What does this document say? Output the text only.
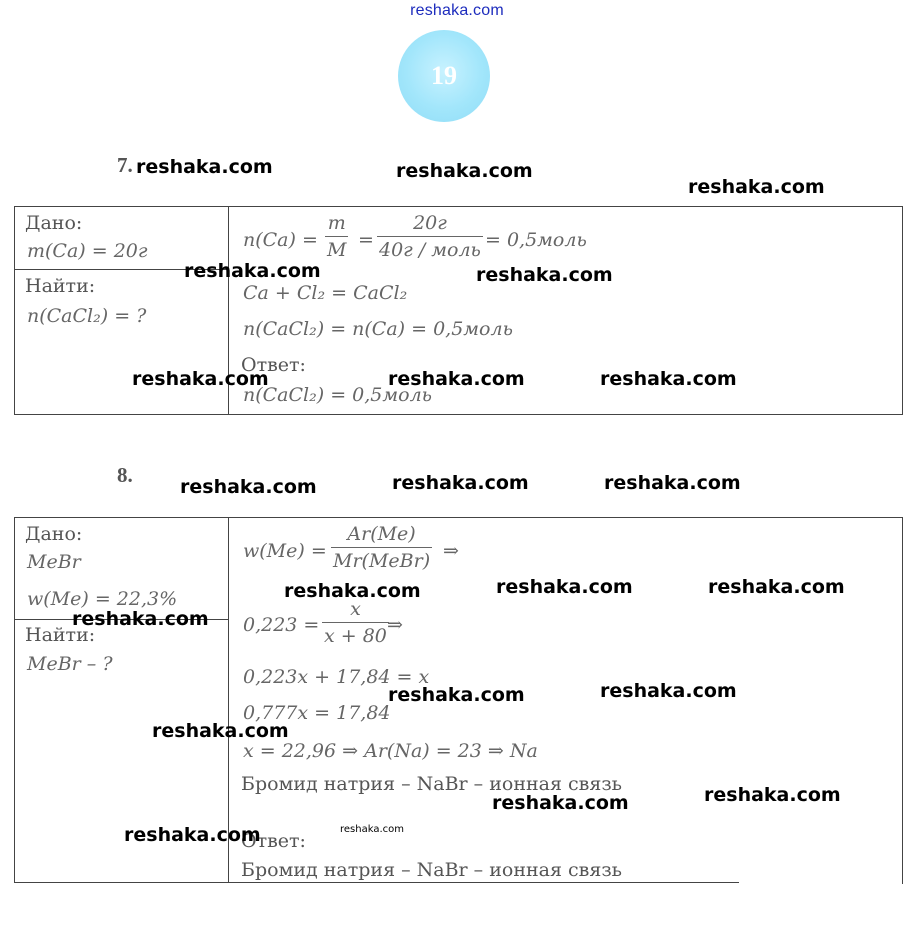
reshaka.com
19
7.
Дано:
m(Ca) = 20г
Найти:
n(CaCl₂) = ?
n(Ca) =
m
M =
20г
40г / моль = 0,5моль
Ca + Cl₂ = CaCl₂
n(CaCl₂) = n(Ca) = 0,5моль
Ответ:
n(CaCl₂) = 0,5моль
8.
Дано:
MeBr
w(Me) = 22,3%
Найти:
MeBr – ?
w(Me) =
Ar(Me)
Mr(MeBr) ⇒
0,223 =
x
x + 80 ⇒
0,223x + 17,84 = x
0,777x = 17,84
x = 22,96 ⇒ Ar(Na) = 23 ⇒ Na
Бромид натрия – NaBr – ионная связь
Ответ:
Бромид натрия – NaBr – ионная связь
reshaka.com	reshaka.com
reshaka.com
reshaka.com	reshaka.com
reshaka.com	reshaka.com	reshaka.com
reshaka.com	reshaka.com	reshaka.com
reshaka.com	reshaka.com	reshaka.com
reshaka.com
reshaka.com	reshaka.com
reshaka.com
reshaka.com	reshaka.com
reshaka.com	reshaka.com
